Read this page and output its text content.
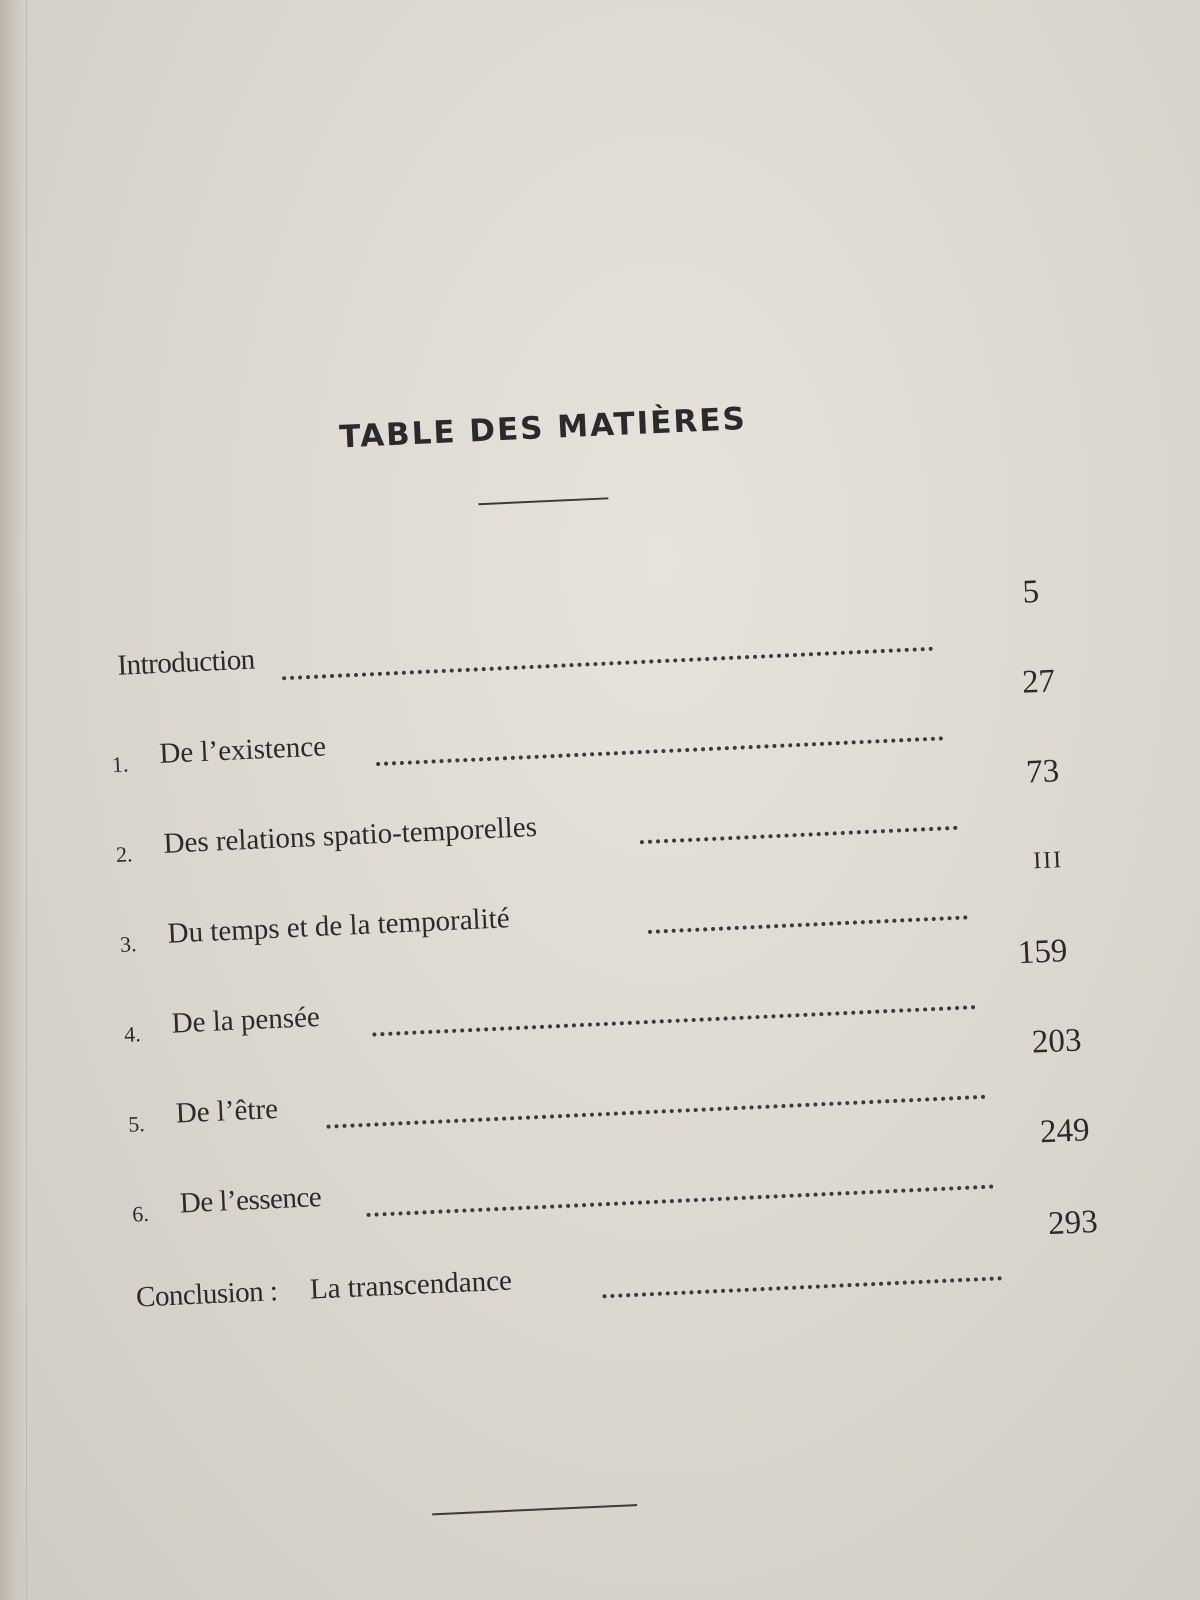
TABLE DES MATIÈRES
Introduction
5
1. De l’existence
27
2. Des relations spatio-temporelles
73
3. Du temps et de la temporalité
III
4. De la pensée
159
5. De l’être
203
6. De l’essence
249
Conclusion : La transcendance
293
